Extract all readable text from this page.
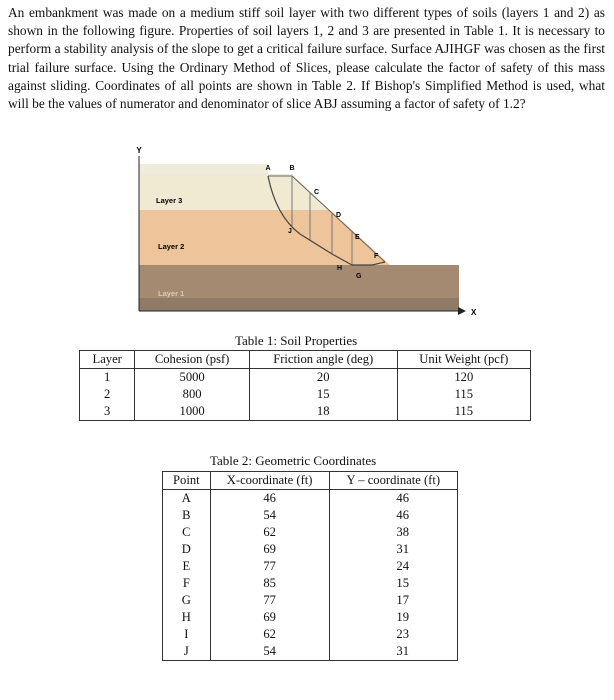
An embankment was made on a medium stiff soil layer with two different types of soils (layers 1 and 2) as shown in the following figure. Properties of soil layers 1, 2 and 3 are presented in Table 1. It is necessary to perform a stability analysis of the slope to get a critical failure surface. Surface AJIHGF was chosen as the first trial failure surface. Using the Ordinary Method of Slices, please calculate the factor of safety of this mass against sliding. Coordinates of all points are shown in Table 2. If Bishop's Simplified Method is used, what will be the values of numerator and denominator of slice ABJ assuming a factor of safety of 1.2?

Y
X
A	B
C
D
E
F
J
H
G
Layer 3
Layer 2
Layer 1
Table 1: Soil Properties
Layer	Cohesion (psf)	Friction angle (deg)	Unit Weight (pcf)
1	5000	20	120
2	800	15	115
3	1000	18	115
Table 2: Geometric Coordinates
Point	X-coordinate (ft)	Y – coordinate (ft)
A	46	46
B	54	46
C	62	38
D	69	31
E	77	24
F	85	15
G	77	17
H	69	19
I	62	23
J	54	31
